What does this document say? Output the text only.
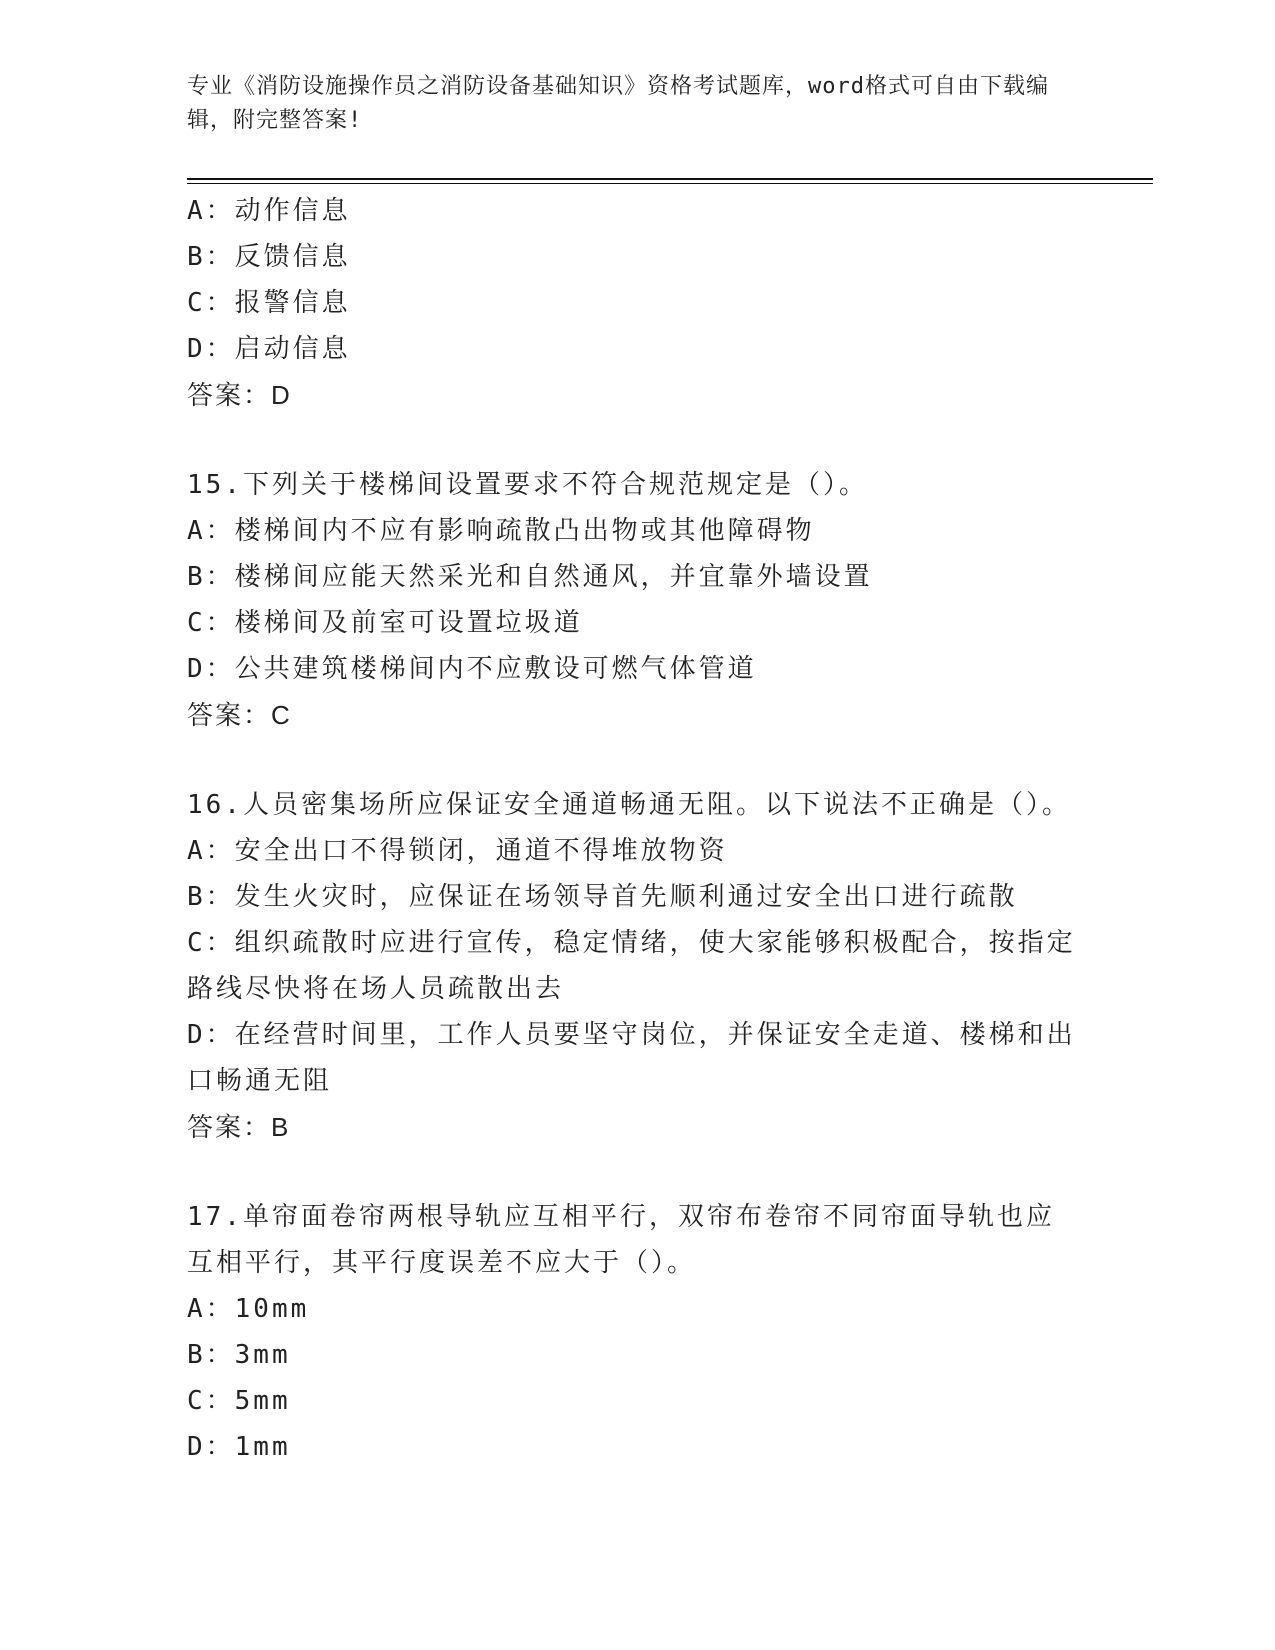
专业《消防设施操作员之消防设备基础知识》资格考试题库，word格式可自由下载编辑，附完整答案!
A：动作信息
B：反馈信息
C：报警信息
D：启动信息
答案：D
15.下列关于楼梯间设置要求不符合规范规定是（）。
A：楼梯间内不应有影响疏散凸出物或其他障碍物
B：楼梯间应能天然采光和自然通风，并宜靠外墙设置
C：楼梯间及前室可设置垃圾道
D：公共建筑楼梯间内不应敷设可燃气体管道
答案：C
16.人员密集场所应保证安全通道畅通无阻。以下说法不正确是（）。
A：安全出口不得锁闭，通道不得堆放物资
B：发生火灾时，应保证在场领导首先顺利通过安全出口进行疏散
C：组织疏散时应进行宣传，稳定情绪，使大家能够积极配合，按指定路线尽快将在场人员疏散出去
D：在经营时间里，工作人员要坚守岗位，并保证安全走道、楼梯和出口畅通无阻
答案：B
17.单帘面卷帘两根导轨应互相平行，双帘布卷帘不同帘面导轨也应互相平行，其平行度误差不应大于（）。
A：10mm
B：3mm
C：5mm
D：1mm
